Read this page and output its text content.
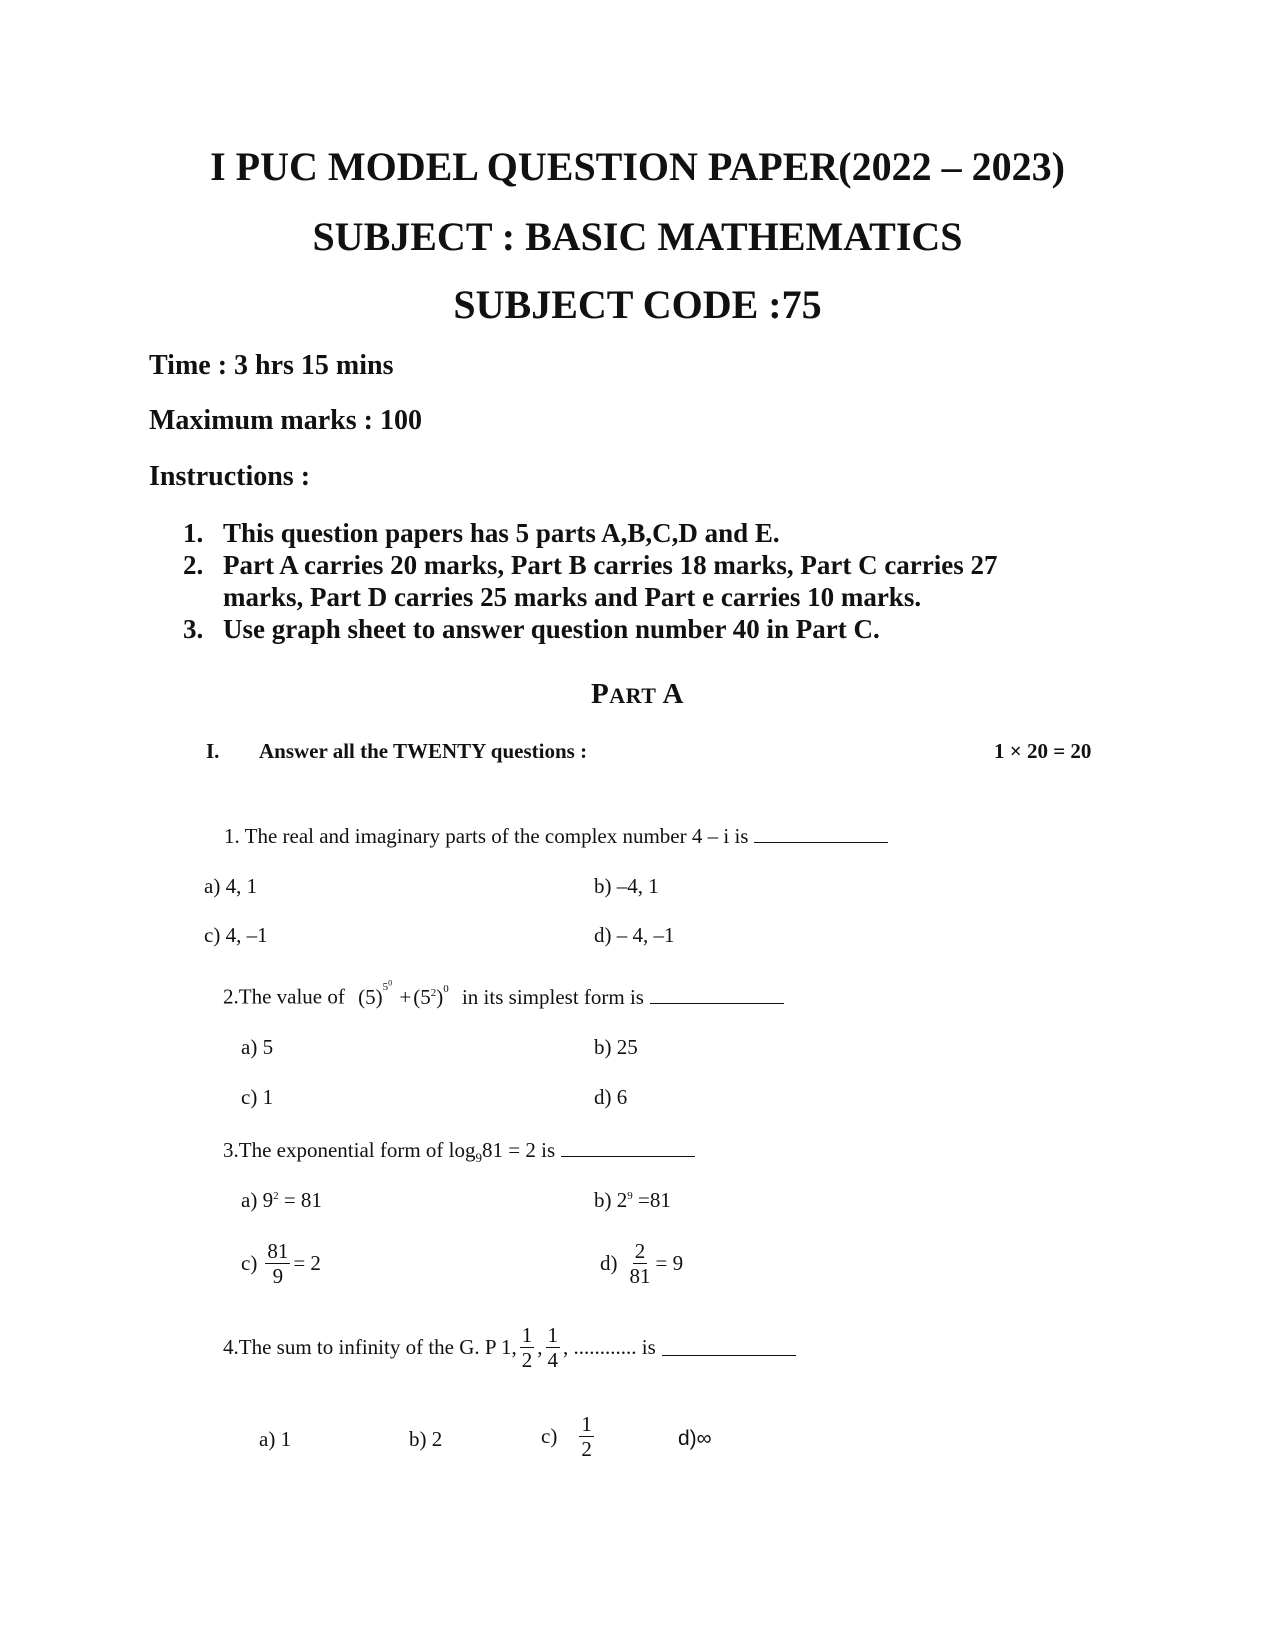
I PUC MODEL QUESTION PAPER(2022 – 2023)
SUBJECT : BASIC MATHEMATICS
SUBJECT CODE :75
Time : 3 hrs 15 mins
Maximum marks : 100
Instructions :
1. This question papers has 5 parts A,B,C,D and E.
2. Part A carries 20 marks, Part B carries 18 marks, Part C carries 27
marks, Part D carries 25 marks and Part e carries 10 marks.
3. Use graph sheet to answer question number 40 in Part C.
PART A
I. Answer all the TWENTY questions :	1 × 20 = 20
1. The real and imaginary parts of the complex number 4 – i is
a) 4, 1	b) –4, 1
c) 4, –1	d) – 4, –1
2.The value of $(5)^{5^0} +(5^2)^0$ in its simplest form is
a) 5	b) 25
c) 1	d) 6
3.The exponential form of $\log_981 = 2$ is
a) $9^2 = 81$	b) $2^9 =81$
$c) \frac{81}{9} = 2$	$d) \frac{2}{81} = 9$
4.The sum to infinity of the G. P 1, $\frac{1}{2}$ , $\frac{1}{4}$ , ............ is
a) 1	b) 2	$c) \frac{1}{2}$	d)∞
